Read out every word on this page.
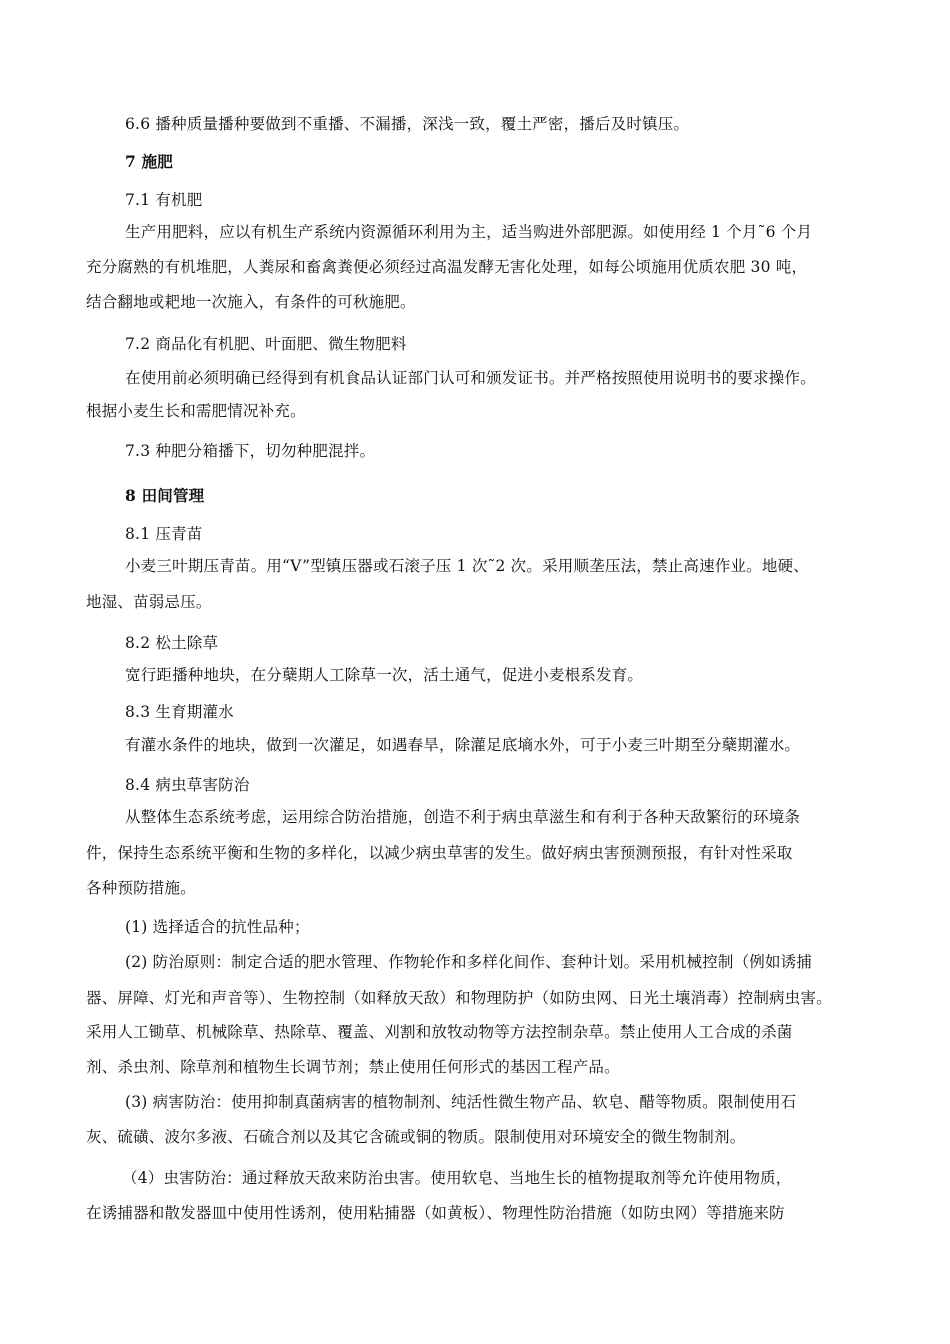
6.6 播种质量播种要做到不重播、不漏播，深浅一致，覆土严密，播后及时镇压。
7 施肥
7.1 有机肥
生产用肥料，应以有机生产系统内资源循环利用为主，适当购进外部肥源。如使用经 1 个月˜6 个月
充分腐熟的有机堆肥，人粪尿和畜禽粪便必须经过高温发酵无害化处理，如每公顷施用优质农肥 30 吨，
结合翻地或耙地一次施入，有条件的可秋施肥。
7.2 商品化有机肥、叶面肥、微生物肥料
在使用前必须明确已经得到有机食品认证部门认可和颁发证书。并严格按照使用说明书的要求操作。
根据小麦生长和需肥情况补充。
7.3 种肥分箱播下，切勿种肥混拌。
8 田间管理
8.1 压青苗
小麦三叶期压青苗。用“V”型镇压器或石滚子压 1 次˜2 次。采用顺垄压法，禁止高速作业。地硬、
地湿、苗弱忌压。
8.2 松土除草
宽行距播种地块，在分蘖期人工除草一次，活土通气，促进小麦根系发育。
8.3 生育期灌水
有灌水条件的地块，做到一次灌足，如遇春旱，除灌足底墒水外，可于小麦三叶期至分蘖期灌水。
8.4 病虫草害防治
从整体生态系统考虑，运用综合防治措施，创造不利于病虫草滋生和有利于各种天敌繁衍的环境条
件，保持生态系统平衡和生物的多样化，以减少病虫草害的发生。做好病虫害预测预报，有针对性采取
各种预防措施。
(1) 选择适合的抗性品种；
(2) 防治原则：制定合适的肥水管理、作物轮作和多样化间作、套种计划。采用机械控制（例如诱捕
器、屏障、灯光和声音等）、生物控制（如释放天敌）和物理防护（如防虫网、日光土壤消毒）控制病虫害。
采用人工锄草、机械除草、热除草、覆盖、刈割和放牧动物等方法控制杂草。禁止使用人工合成的杀菌
剂、杀虫剂、除草剂和植物生长调节剂；禁止使用任何形式的基因工程产品。
(3) 病害防治：使用抑制真菌病害的植物制剂、纯活性微生物产品、软皂、醋等物质。限制使用石
灰、硫磺、波尔多液、石硫合剂以及其它含硫或铜的物质。限制使用对环境安全的微生物制剂。
（4）虫害防治：通过释放天敌来防治虫害。使用软皂、当地生长的植物提取剂等允许使用物质，
在诱捕器和散发器皿中使用性诱剂，使用粘捕器（如黄板）、物理性防治措施（如防虫网）等措施来防
